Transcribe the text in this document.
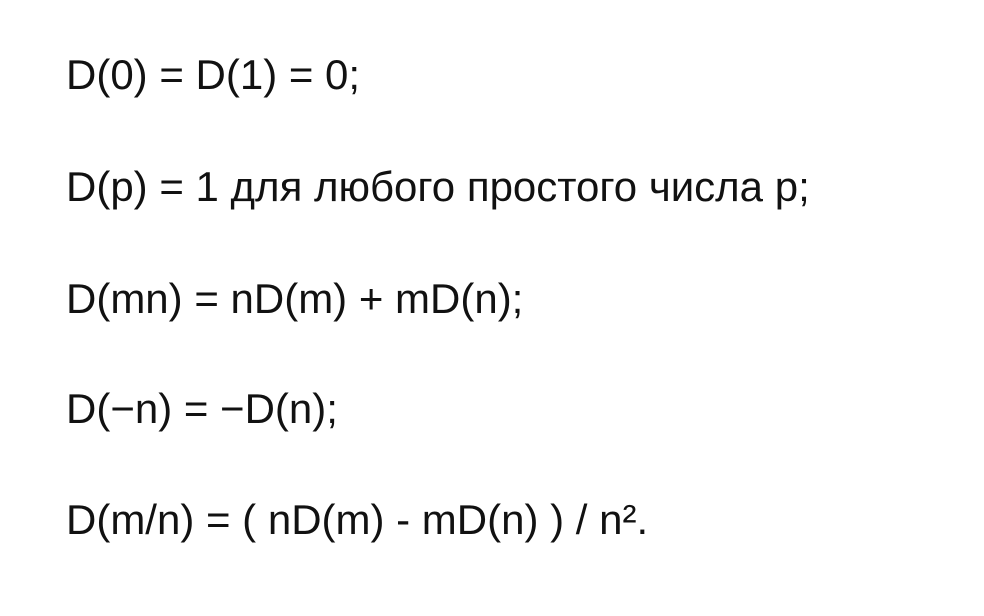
D(0) = D(1) = 0;
D(p) = 1 для любого простого числа p;
D(mn) = nD(m) + mD(n);
D(−n) = −D(n);
D(m/n) = ( nD(m) - mD(n) ) / n².
